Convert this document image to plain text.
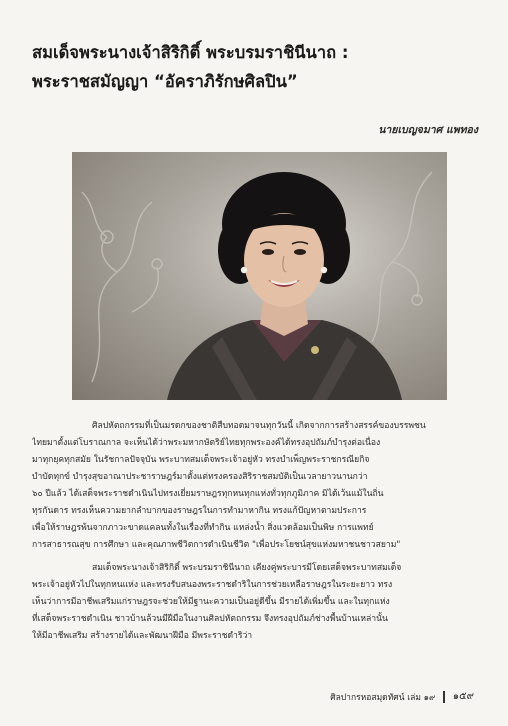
สมเด็จพระนางเจ้าสิริกิติ์ พระบรมราชินีนาถ :
พระราชสมัญญา “อัคราภิรักษศิลปิน”
นายเบญจมาศ แพทอง
ศิลปหัตถกรรมที่เป็นมรดกของชาติสืบทอดมาจนทุกวันนี้ เกิดจากการสร้างสรรค์ของบรรพชน
ไทยมาตั้งแต่โบราณกาล จะเห็นได้ว่าพระมหากษัตริย์ไทยทุกพระองค์ได้ทรงอุปถัมภ์บำรุงต่อเนื่อง
มาทุกยุคทุกสมัย ในรัชกาลปัจจุบัน พระบาทสมเด็จพระเจ้าอยู่หัว ทรงบำเพ็ญพระราชกรณียกิจ
บำบัดทุกข์ บำรุงสุขอาณาประชาราษฎร์มาตั้งแต่ทรงครองสิริราชสมบัติเป็นเวลายาวนานกว่า
๖๐ ปีแล้ว ได้เสด็จพระราชดำเนินไปทรงเยี่ยมราษฎรทุกหนทุกแห่งทั่วทุกภูมิภาค มิได้เว้นแม้ในถิ่น
ทุรกันดาร ทรงเห็นความยากลำบากของราษฎรในการทำมาหากิน ทรงแก้ปัญหาตามประการ
เพื่อให้ราษฎรพ้นจากภาวะขาดแคลนทั้งในเรื่องที่ทำกิน แหล่งน้ำ สิ่งแวดล้อมเป็นพิษ การแพทย์
การสาธารณสุข การศึกษา และคุณภาพชีวิตการดำเนินชีวิต "เพื่อประโยชน์สุขแห่งมหาชนชาวสยาม"
สมเด็จพระนางเจ้าสิริกิติ์ พระบรมราชินีนาถ เคียงคู่พระบารมีโดยเสด็จพระบาทสมเด็จ
พระเจ้าอยู่หัวไปในทุกหนแห่ง และทรงรับสนองพระราชดำริในการช่วยเหลือราษฎรในระยะยาว ทรง
เห็นว่าการมีอาชีพเสริมแก่ราษฎรจะช่วยให้มีฐานะความเป็นอยู่ดีขึ้น มีรายได้เพิ่มขึ้น และในทุกแห่ง
ที่เสด็จพระราชดำเนิน ชาวบ้านล้วนมีฝีมือในงานศิลปหัตถกรรม จึงทรงอุปถัมภ์ช่างพื้นบ้านเหล่านั้น
ให้มีอาชีพเสริม สร้างรายได้และพัฒนาฝีมือ มีพระราชดำริว่า
ศิลปากรหอสมุดทัศน์ เล่ม ๑๙ ๑๕๙
